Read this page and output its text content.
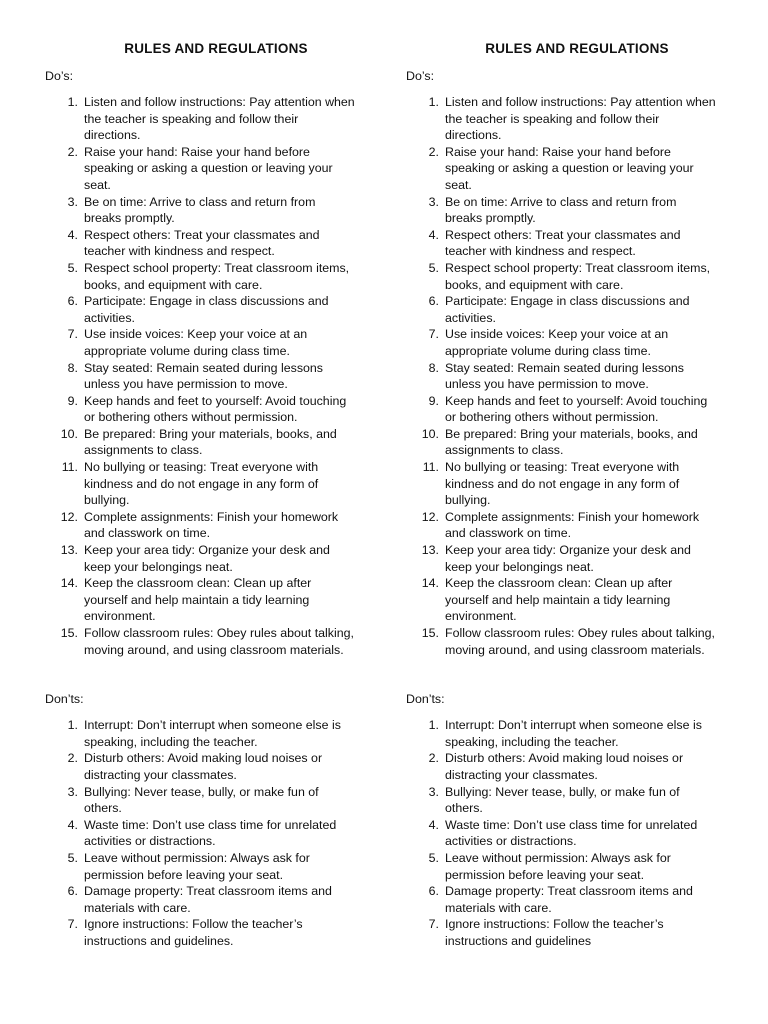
RULES AND REGULATIONS
Do’s:
1. Listen and follow instructions: Pay attention when the teacher is speaking and follow their directions.
2. Raise your hand: Raise your hand before speaking or asking a question or leaving your seat.
3. Be on time: Arrive to class and return from breaks promptly.
4. Respect others: Treat your classmates and teacher with kindness and respect.
5. Respect school property: Treat classroom items, books, and equipment with care.
6. Participate: Engage in class discussions and activities.
7. Use inside voices: Keep your voice at an appropriate volume during class time.
8. Stay seated: Remain seated during lessons unless you have permission to move.
9. Keep hands and feet to yourself: Avoid touching or bothering others without permission.
10. Be prepared: Bring your materials, books, and assignments to class.
11. No bullying or teasing: Treat everyone with kindness and do not engage in any form of bullying.
12. Complete assignments: Finish your homework and classwork on time.
13. Keep your area tidy: Organize your desk and keep your belongings neat.
14. Keep the classroom clean: Clean up after yourself and help maintain a tidy learning environment.
15. Follow classroom rules: Obey rules about talking, moving around, and using classroom materials.
Don’ts:
1. Interrupt: Don’t interrupt when someone else is speaking, including the teacher.
2. Disturb others: Avoid making loud noises or distracting your classmates.
3. Bullying: Never tease, bully, or make fun of others.
4. Waste time: Don’t use class time for unrelated activities or distractions.
5. Leave without permission: Always ask for permission before leaving your seat.
6. Damage property: Treat classroom items and materials with care.
7. Ignore instructions: Follow the teacher’s instructions and guidelines.
RULES AND REGULATIONS
Do’s:
1. Listen and follow instructions: Pay attention when the teacher is speaking and follow their directions.
2. Raise your hand: Raise your hand before speaking or asking a question or leaving your seat.
3. Be on time: Arrive to class and return from breaks promptly.
4. Respect others: Treat your classmates and teacher with kindness and respect.
5. Respect school property: Treat classroom items, books, and equipment with care.
6. Participate: Engage in class discussions and activities.
7. Use inside voices: Keep your voice at an appropriate volume during class time.
8. Stay seated: Remain seated during lessons unless you have permission to move.
9. Keep hands and feet to yourself: Avoid touching or bothering others without permission.
10. Be prepared: Bring your materials, books, and assignments to class.
11. No bullying or teasing: Treat everyone with kindness and do not engage in any form of bullying.
12. Complete assignments: Finish your homework and classwork on time.
13. Keep your area tidy: Organize your desk and keep your belongings neat.
14. Keep the classroom clean: Clean up after yourself and help maintain a tidy learning environment.
15. Follow classroom rules: Obey rules about talking, moving around, and using classroom materials.
Don’ts:
1. Interrupt: Don’t interrupt when someone else is speaking, including the teacher.
2. Disturb others: Avoid making loud noises or distracting your classmates.
3. Bullying: Never tease, bully, or make fun of others.
4. Waste time: Don’t use class time for unrelated activities or distractions.
5. Leave without permission: Always ask for permission before leaving your seat.
6. Damage property: Treat classroom items and materials with care.
7. Ignore instructions: Follow the teacher’s instructions and guidelines
